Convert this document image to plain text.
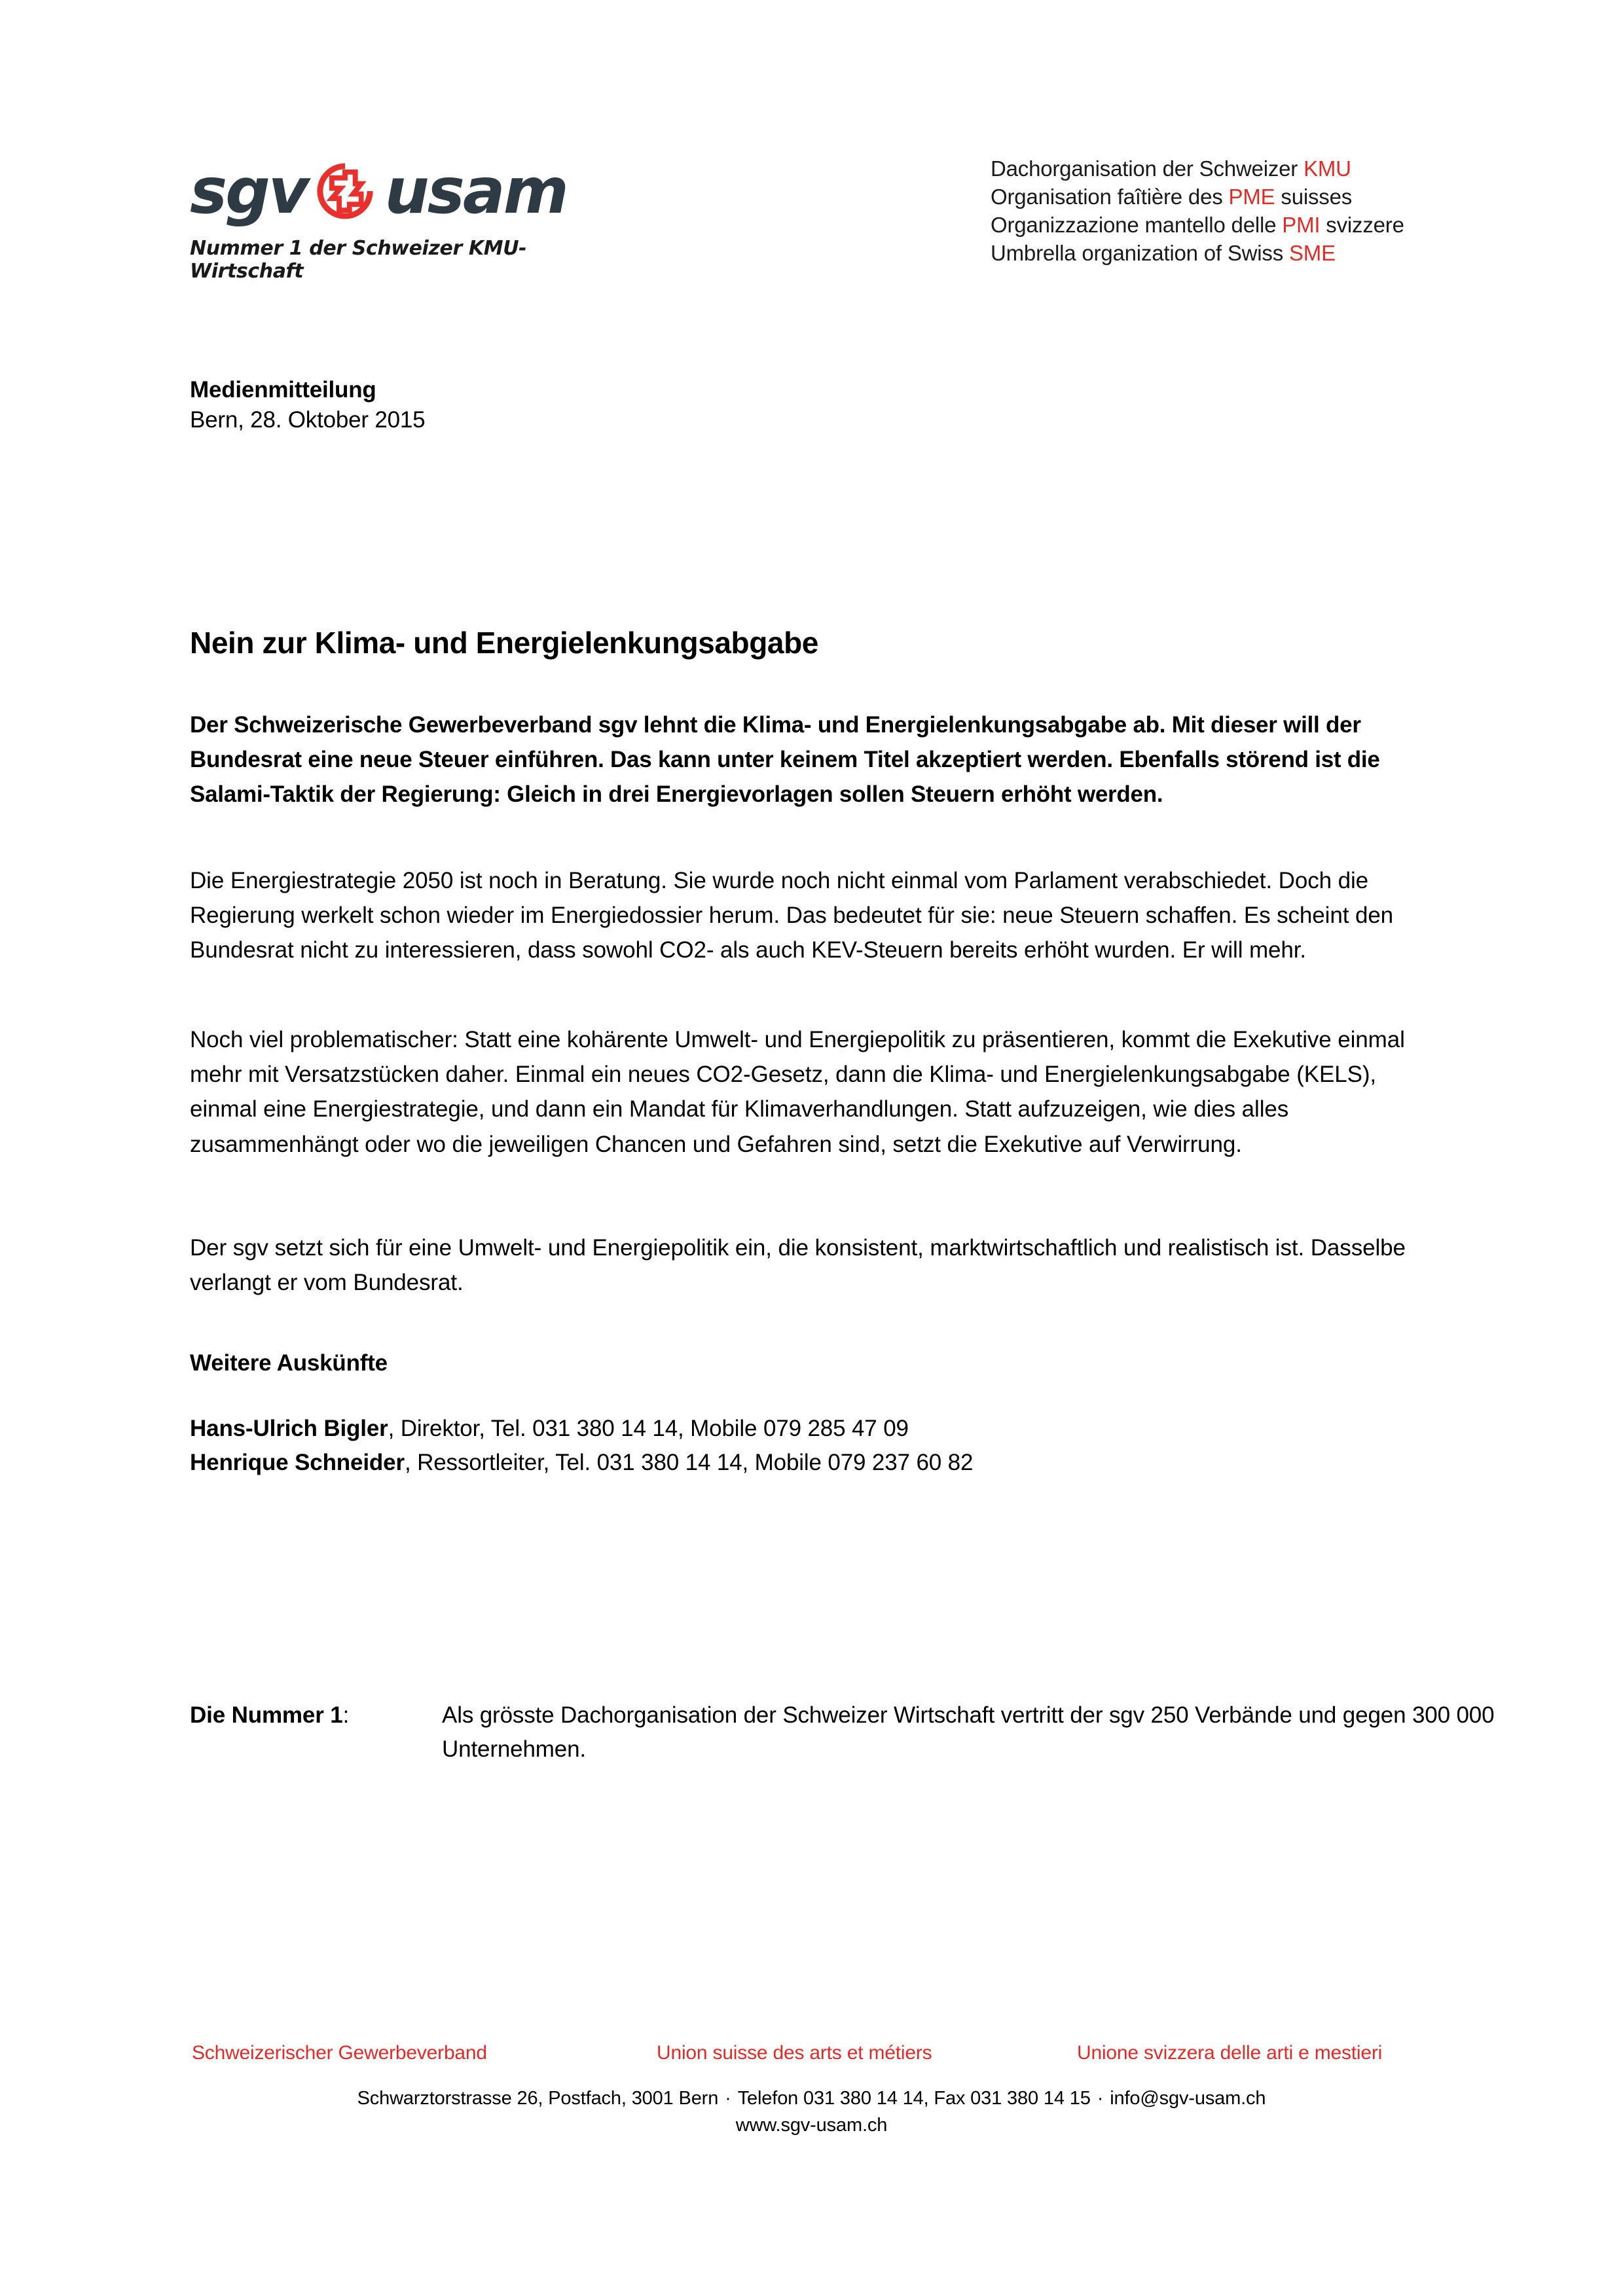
sgv usam
Nummer 1 der Schweizer KMU-Wirtschaft
Dachorganisation der Schweizer KMU
Organisation faîtière des PME suisses
Organizzazione mantello delle PMI svizzere
Umbrella organization of Swiss SME
Medienmitteilung
Bern, 28. Oktober 2015
Nein zur Klima- und Energielenkungsabgabe

Der Schweizerische Gewerbeverband sgv lehnt die Klima- und Energielenkungsabgabe ab. Mit dieser will der Bundesrat eine neue Steuer einführen. Das kann unter keinem Titel akzeptiert werden. Ebenfalls störend ist die Salami-Taktik der Regierung: Gleich in drei Energievorlagen sollen Steuern erhöht werden.

Die Energiestrategie 2050 ist noch in Beratung. Sie wurde noch nicht einmal vom Parlament verabschiedet. Doch die Regierung werkelt schon wieder im Energiedossier herum. Das bedeutet für sie: neue Steuern schaffen. Es scheint den Bundesrat nicht zu interessieren, dass sowohl CO2- als auch KEV-Steuern bereits erhöht wurden. Er will mehr.

Noch viel problematischer: Statt eine kohärente Umwelt- und Energiepolitik zu präsentieren, kommt die Exekutive einmal mehr mit Versatzstücken daher. Einmal ein neues CO2-Gesetz, dann die Klima- und Energielenkungsabgabe (KELS), einmal eine Energiestrategie, und dann ein Mandat für Klimaverhandlungen. Statt aufzuzeigen, wie dies alles zusammenhängt oder wo die jeweiligen Chancen und Gefahren sind, setzt die Exekutive auf Verwirrung.

Der sgv setzt sich für eine Umwelt- und Energiepolitik ein, die konsistent, marktwirtschaftlich und realistisch ist. Dasselbe verlangt er vom Bundesrat.

Weitere Auskünfte
Hans-Ulrich Bigler, Direktor, Tel. 031 380 14 14, Mobile 079 285 47 09
Henrique Schneider, Ressortleiter, Tel. 031 380 14 14, Mobile 079 237 60 82
Die Nummer 1:	Als grösste Dachorganisation der Schweizer Wirtschaft vertritt der sgv 250 Verbände und gegen 300 000 Unternehmen.
Schweizerischer Gewerbeverband	Union suisse des arts et métiers	Unione svizzera delle arti e mestieri
Schwarztorstrasse 26, Postfach, 3001 Bern · Telefon 031 380 14 14, Fax 031 380 14 15 · info@sgv-usam.ch
www.sgv-usam.ch
